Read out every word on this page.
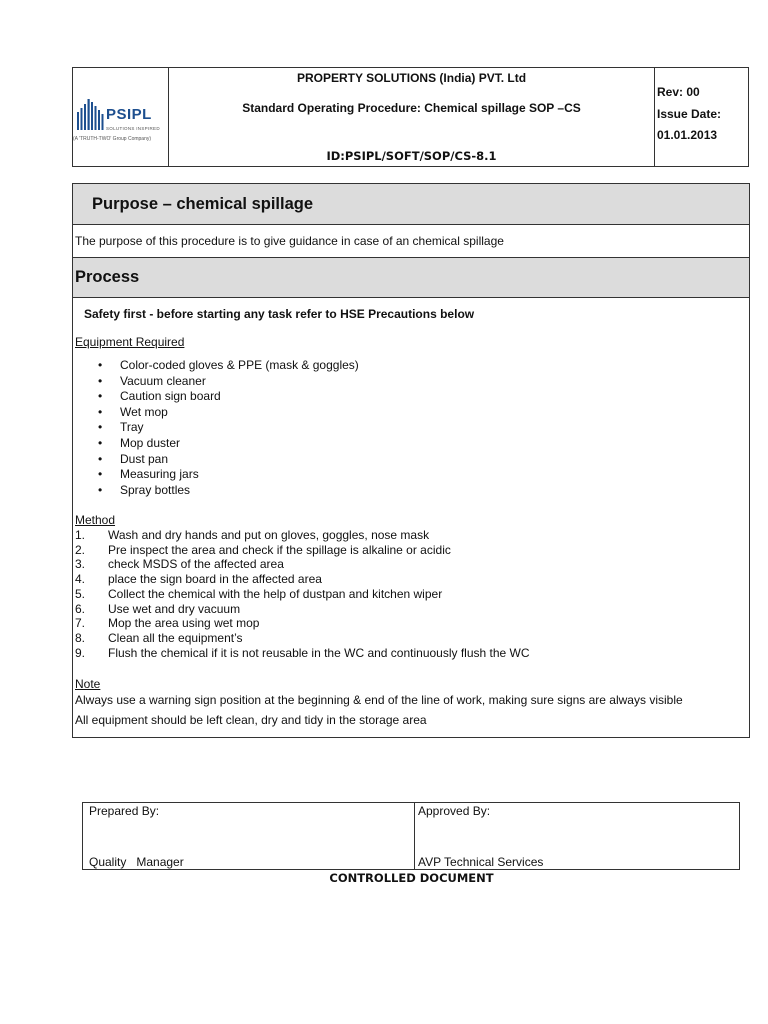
PSIPL
SOLUTIONS INSPIRED
(A 'TRUTH-TWO' Group Company)
PROPERTY SOLUTIONS (India) PVT. Ltd
Standard Operating Procedure: Chemical spillage SOP –CS
ID:PSIPL/SOFT/SOP/CS-8.1
Rev: 00
Issue Date:
01.01.2013
Purpose – chemical spillage
The purpose of this procedure is to give guidance in case of an chemical spillage
Process
Safety first - before starting any task refer to HSE Precautions below
Equipment Required
• Color-coded gloves & PPE (mask & goggles)
• Vacuum cleaner
• Caution sign board
• Wet mop
• Tray
• Mop duster
• Dust pan
• Measuring jars
• Spray bottles
Method
1. Wash and dry hands and put on gloves, goggles, nose mask
2. Pre inspect the area and check if the spillage is alkaline or acidic
3. check MSDS of the affected area
4. place the sign board in the affected area
5. Collect the chemical with the help of dustpan and kitchen wiper
6. Use wet and dry vacuum
7. Mop the area using wet mop
8. Clean all the equipment’s
9. Flush the chemical if it is not reusable in the WC and continuously flush the WC
Note
Always use a warning sign position at the beginning & end of the line of work, making sure signs are always visible
All equipment should be left clean, dry and tidy in the storage area
Prepared By:
Quality   Manager
Approved By:
AVP Technical Services
CONTROLLED DOCUMENT
